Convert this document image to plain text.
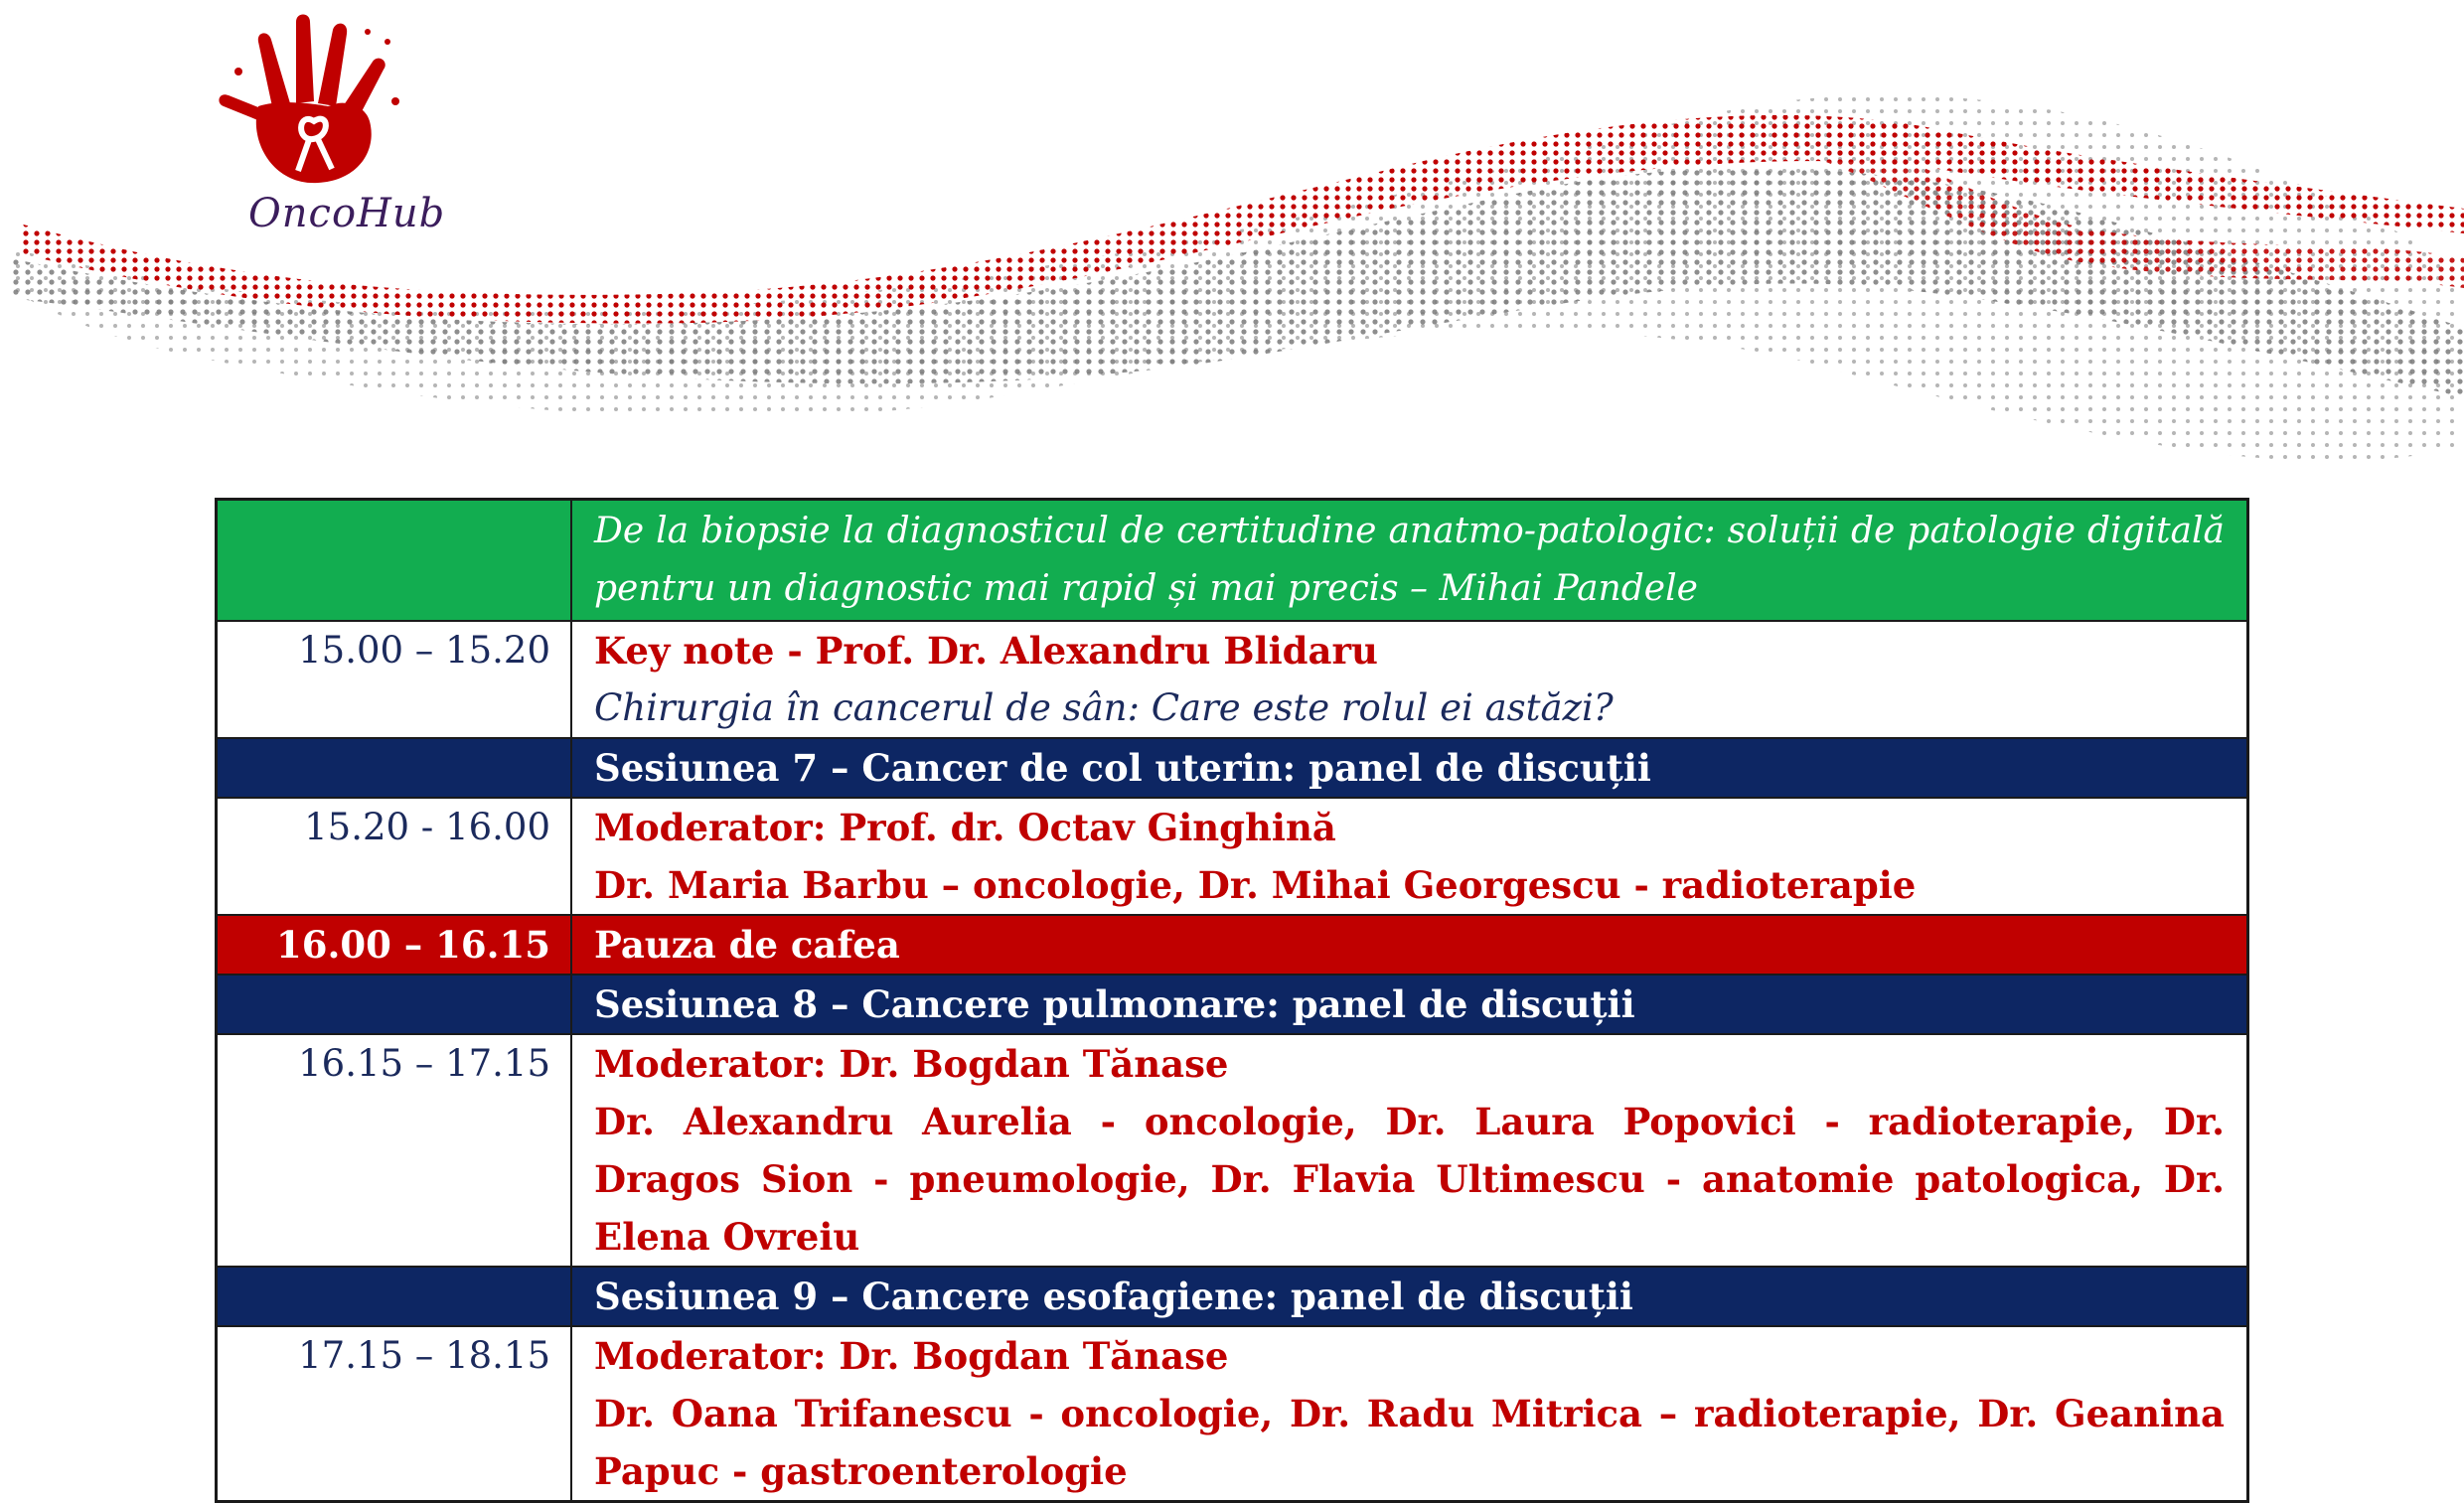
OncoHub
	De la biopsie la diagnosticul de certitudine anatmo-patologic: soluții de patologie digitală pentru un diagnostic mai rapid și mai precis – Mihai Pandele
15.00 – 15.20	Key note - Prof. Dr. Alexandru Blidaru
Chirurgia în cancerul de sân: Care este rolul ei astăzi?

	Sesiunea 7 – Cancer de col uterin: panel de discuții
15.20 - 16.00	Moderator: Prof. dr. Octav Ginghină
Dr. Maria Barbu – oncologie, Dr. Mihai Georgescu - radioterapie

16.00 – 16.15	Pauza de cafea
	Sesiunea 8 – Cancere pulmonare: panel de discuții
16.15 – 17.15	Moderator: Dr. Bogdan Tănase
Dr. Alexandru Aurelia - oncologie, Dr. Laura Popovici - radioterapie, Dr. Dragos Sion - pneumologie, Dr. Flavia Ultimescu - anatomie patologica, Dr. Elena Ovreiu

	Sesiunea 9 – Cancere esofagiene: panel de discuții
17.15 – 18.15	Moderator: Dr. Bogdan Tănase
Dr. Oana Trifanescu - oncologie, Dr. Radu Mitrica – radioterapie, Dr. Geanina Papuc - gastroenterologie
